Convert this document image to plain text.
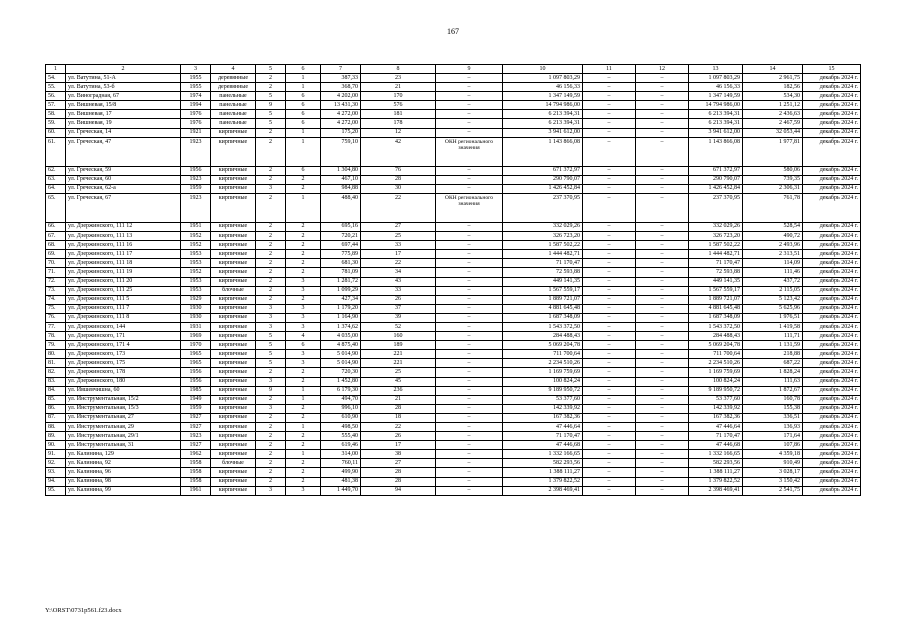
167
1	2	3	4	5	6	7	8	9	10	11	12	13	14	15
54.	ул. Ватутина, 51-А	1955	деревянные	2	1	387,33	23	–	1 097 803,29	–	–	1 097 803,29	2 961,75	декабрь 2024 г.
55.	ул. Ватутина, 53-б	1955	деревянные	2	1	368,70	21	–	46 156,33	–	–	46 156,33	182,56	декабрь 2024 г.
56.	ул. Виноградная, 67	1974	панельные	5	6	4 202,00	170	–	1 347 149,59	–	–	1 347 149,59	534,30	декабрь 2024 г.
57.	ул. Вишневая, 15/8	1994	панельные	9	6	13 431,30	576	–	14 794 986,00	–	–	14 794 986,00	1 251,12	декабрь 2024 г.
58.	ул. Вишневая, 17	1976	панельные	5	6	4 272,00	181	–	6 213 394,31	–	–	6 213 394,31	2 436,63	декабрь 2024 г.
59.	ул. Вишневая, 19	1976	панельные	5	6	4 272,00	178	–	6 213 394,31	–	–	6 213 394,31	2 467,59	декабрь 2024 г.
60.	ул. Греческая, 14	1921	кирпичные	2	1	175,20	12	–	3 941 612,00	–	–	3 941 612,00	32 053,44	декабрь 2024 г.
61.	ул. Греческая, 47	1923	кирпичные	2	1	759,10	42	ОКН регионального значения	1 143 866,08	–	–	1 143 866,08	1 977,81	декабрь 2024 г.
62.	ул. Греческая, 59	1956	кирпичные	2	6	1 304,80	76	–	671 372,97	–	–	671 372,97	580,06	декабрь 2024 г.
63.	ул. Греческая, 60	1923	кирпичные	2	2	467,10	28	–	290 790,07	–	–	290 790,07	739,35	декабрь 2024 г.
64.	ул. Греческая, 62-а	1959	кирпичные	3	2	984,88	30	–	1 426 452,84	–	–	1 426 452,84	2 306,31	декабрь 2024 г.
65.	ул. Греческая, 67	1923	кирпичные	2	1	488,40	22	ОКН регионального значения	237 370,95	–	–	237 370,95	761,78	декабрь 2024 г.
66.	ул. Дзержинского, 111 12	1951	кирпичные	2	2	695,16	27	–	332 029,26	–	–	332 029,26	528,54	декабрь 2024 г.
67.	ул. Дзержинского, 111 13	1952	кирпичные	2	2	720,21	25	–	326 723,20	–	–	326 723,20	490,72	декабрь 2024 г.
68.	ул. Дзержинского, 111 16	1952	кирпичные	2	2	697,44	33	–	1 587 502,22	–	–	1 587 502,22	2 493,96	декабрь 2024 г.
69.	ул. Дзержинского, 111 17	1953	кирпичные	2	2	775,89	17	–	1 444 482,71	–	–	1 444 482,71	2 313,51	декабрь 2024 г.
70.	ул. Дзержинского, 111 18	1953	кирпичные	2	2	681,30	22	–	71 170,47	–	–	71 170,47	114,09	декабрь 2024 г.
71.	ул. Дзержинского, 111 19	1952	кирпичные	2	2	781,09	34	–	72 593,88	–	–	72 593,88	111,46	декабрь 2024 г.
72.	ул. Дзержинского, 111 20	1953	кирпичные	2	3	1 281,72	43	–	449 141,35	–	–	449 141,35	437,72	декабрь 2024 г.
73.	ул. Дзержинского, 111 25	1953	блочные	2	3	1 099,29	33	–	1 567 559,17	–	–	1 567 559,17	2 115,05	декабрь 2024 г.
74.	ул. Дзержинского, 111 5	1929	кирпичные	2	2	427,34	26	–	1 889 721,07	–	–	1 889 721,07	5 123,42	декабрь 2024 г.
75.	ул. Дзержинского, 111 7	1930	кирпичные	3	3	1 179,20	37	–	4 881 645,48	–	–	4 881 645,48	5 625,96	декабрь 2024 г.
76.	ул. Дзержинского, 111 8	1930	кирпичные	3	3	1 164,90	39	–	1 687 348,09	–	–	1 687 348,09	1 976,51	декабрь 2024 г.
77.	ул. Дзержинского, 144	1931	кирпичные	3	3	1 374,62	52	–	1 543 372,50	–	–	1 543 372,50	1 419,58	декабрь 2024 г.
78.	ул. Дзержинского, 171	1969	кирпичные	5	4	4 035,00	160	–	284 488,43	–	–	284 488,43	111,71	декабрь 2024 г.
79.	ул. Дзержинского, 171 4	1970	кирпичные	5	6	4 875,40	189	–	5 069 204,78	–	–	5 069 204,78	1 131,59	декабрь 2024 г.
80.	ул. Дзержинского, 173	1965	кирпичные	5	3	5 014,90	221	–	711 700,64	–	–	711 700,64	218,88	декабрь 2024 г.
81.	ул. Дзержинского, 175	1965	кирпичные	5	3	5 014,90	221	–	2 234 510,26	–	–	2 234 510,26	687,22	декабрь 2024 г.
82.	ул. Дзержинского, 178	1956	кирпичные	2	2	720,30	25	–	1 169 759,69	–	–	1 169 759,69	1 828,24	декабрь 2024 г.
83.	ул. Дзержинского, 180	1956	кирпичные	3	2	1 452,80	45	–	100 824,24	–	–	100 824,24	111,63	декабрь 2024 г.
84.	ул. Ившевчишна, 60	1985	кирпичные	9	1	6 179,30	236	–	9 189 950,72	–	–	9 189 950,72	1 872,67	декабрь 2024 г.
85.	ул. Инструментальная, 15/2	1949	кирпичные	2	1	494,70	21	–	53 377,60	–	–	53 377,60	160,78	декабрь 2024 г.
86.	ул. Инструментальная, 15/3	1959	кирпичные	3	2	996,10	28	–	142 339,92	–	–	142 339,92	155,38	декабрь 2024 г.
87.	ул. Инструментальная, 27	1927	кирпичные	2	2	610,90	18	–	167 382,36	–	–	167 382,36	336,51	декабрь 2024 г.
88.	ул. Инструментальная, 29	1927	кирпичные	2	1	498,50	22	–	47 446,64	–	–	47 446,64	136,93	декабрь 2024 г.
89.	ул. Инструментальная, 29/1	1923	кирпичные	2	2	555,40	26	–	71 170,47	–	–	71 170,47	171,64	декабрь 2024 г.
90.	ул. Инструментальная, 31	1927	кирпичные	2	2	619,46	17	–	47 446,68	–	–	47 446,68	107,86	декабрь 2024 г.
91.	ул. Калинина, 129	1962	кирпичные	2	1	314,00	38	–	1 332 166,65	–	–	1 332 166,65	4 359,18	декабрь 2024 г.
92.	ул. Калинина, 92	1958	блочные	2	2	760,11	27	–	582 293,56	–	–	582 293,56	910,49	декабрь 2024 г.
93.	ул. Калинина, 96	1958	кирпичные	2	2	499,90	28	–	1 388 111,27	–	–	1 388 111,27	3 028,17	декабрь 2024 г.
94.	ул. Калинина, 98	1958	кирпичные	2	2	481,38	28	–	1 379 822,52	–	–	1 379 822,52	3 150,42	декабрь 2024 г.
95.	ул. Калинина, 99	1961	кирпичные	3	3	1 449,70	94	–	2 398 469,41	–	–	2 398 469,41	2 541,75	декабрь 2024 г.
Y:\ORST\0731p561.f23.docx
